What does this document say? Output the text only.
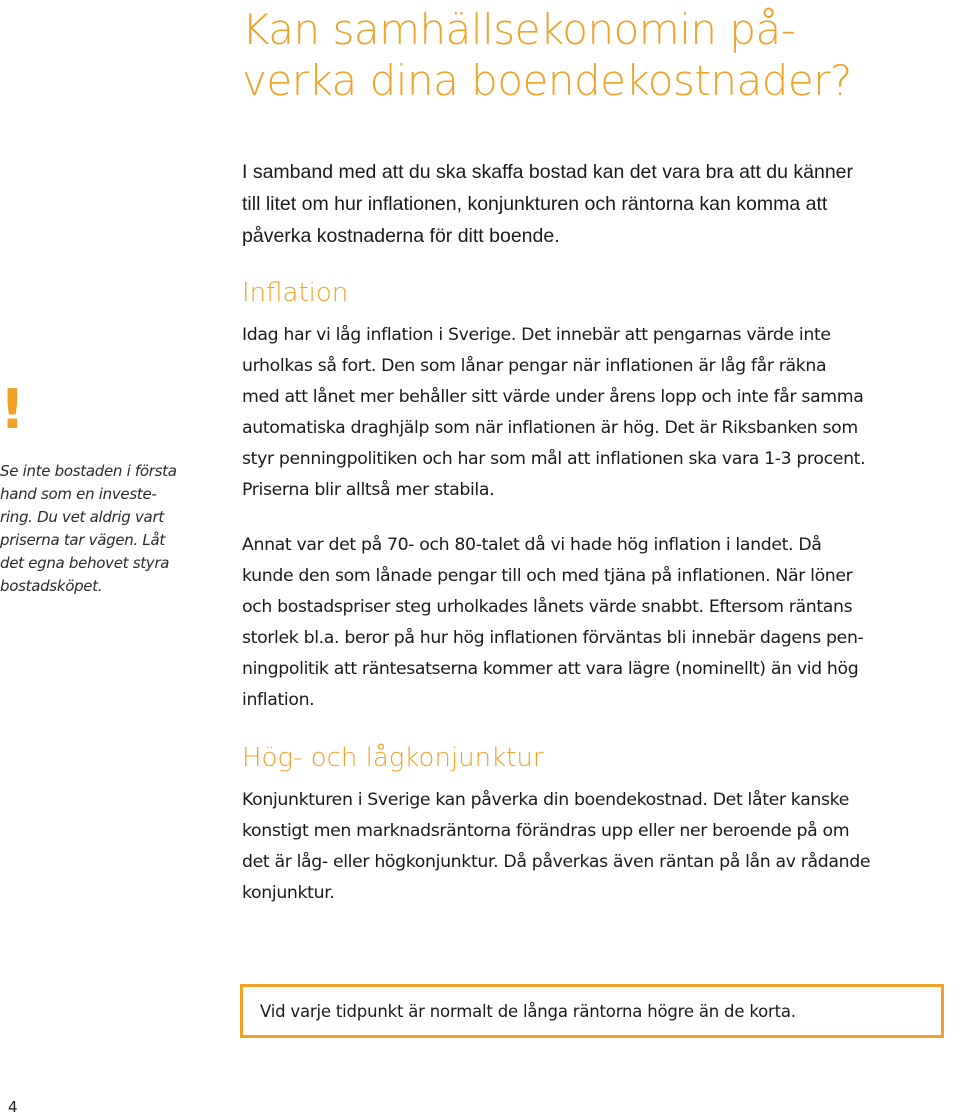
Kan samhällsekonomin på-
verka dina boendekostnader?

I samband med att du ska skaffa bostad kan det vara bra att du känner
till litet om hur inflationen, konjunkturen och räntorna kan komma att
påverka kostnaderna för ditt boende.

!

Se inte bostaden i första
hand som en investe-
ring. Du vet aldrig vart
priserna tar vägen. Låt
det egna behovet styra
bostadsköpet.

Inflation

Idag har vi låg inflation i Sverige. Det innebär att pengarnas värde inte
urholkas så fort. Den som lånar pengar när inflationen är låg får räkna
med att lånet mer behåller sitt värde under årens lopp och inte får samma
automatiska draghjälp som när inflationen är hög. Det är Riksbanken som
styr penningpolitiken och har som mål att inflationen ska vara 1-3 procent.
Priserna blir alltså mer stabila.

Annat var det på 70- och 80-talet då vi hade hög inflation i landet. Då
kunde den som lånade pengar till och med tjäna på inflationen. När löner
och bostadspriser steg urholkades lånets värde snabbt. Eftersom räntans
storlek bl.a. beror på hur hög inflationen förväntas bli innebär dagens pen-
ningpolitik att räntesatserna kommer att vara lägre (nominellt) än vid hög
inflation.

Hög- och lågkonjunktur

Konjunkturen i Sverige kan påverka din boendekostnad. Det låter kanske
konstigt men marknadsräntorna förändras upp eller ner beroende på om
det är låg- eller högkonjunktur. Då påverkas även räntan på lån av rådande
konjunktur.

Vid varje tidpunkt är normalt de långa räntorna högre än de korta.
4
